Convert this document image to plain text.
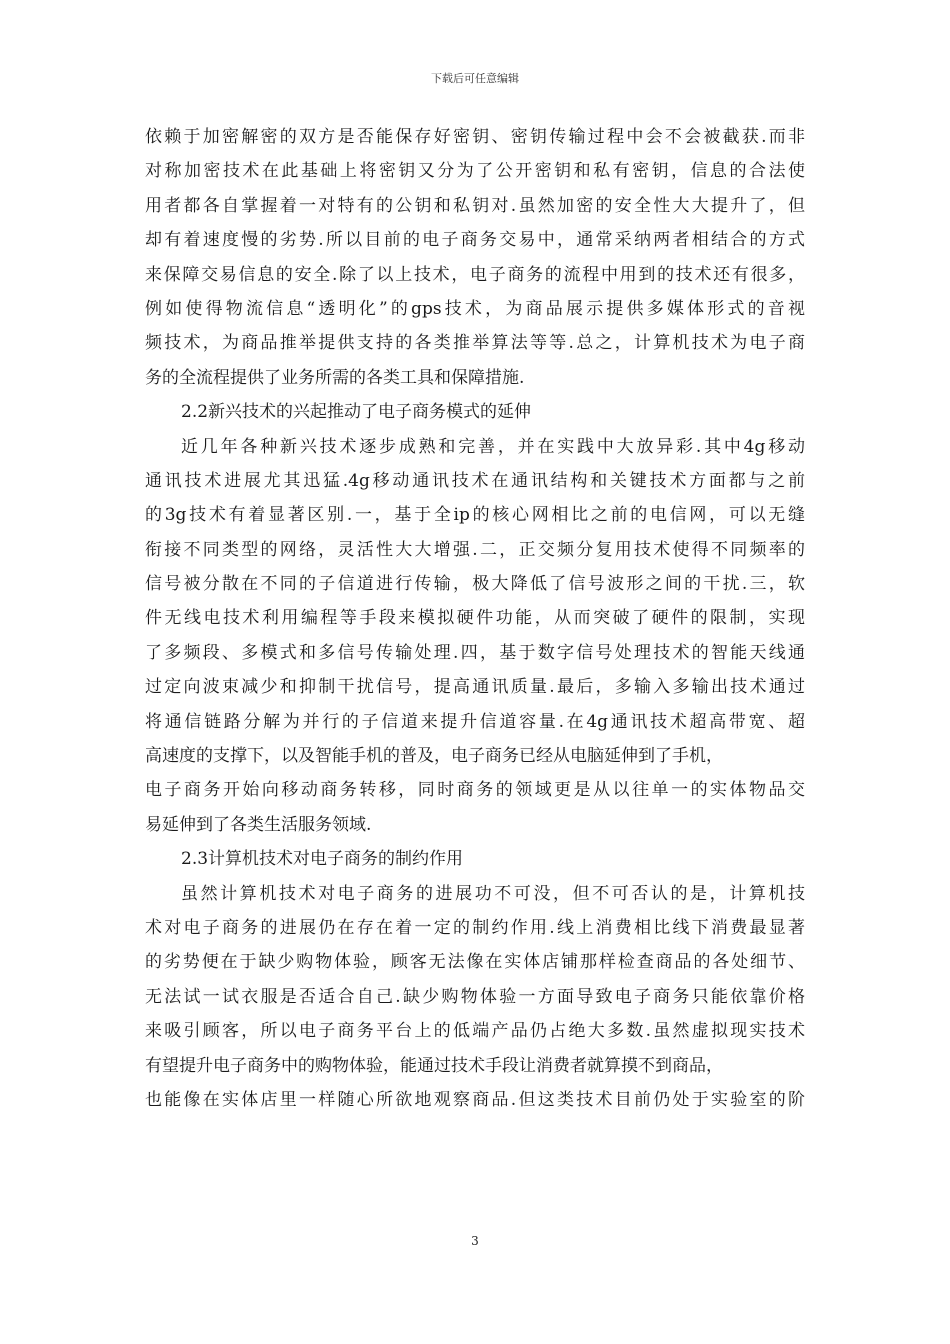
下载后可任意编辑
依赖于加密解密的双方是否能保存好密钥、密钥传输过程中会不会被截获.而非
对称加密技术在此基础上将密钥又分为了公开密钥和私有密钥，信息的合法使
用者都各自掌握着一对特有的公钥和私钥对.虽然加密的安全性大大提升了，但
却有着速度慢的劣势.所以目前的电子商务交易中，通常采纳两者相结合的方式
来保障交易信息的安全.除了以上技术，电子商务的流程中用到的技术还有很多，
例如使得物流信息“透明化”的gps技术，为商品展示提供多媒体形式的音视
频技术，为商品推举提供支持的各类推举算法等等.总之，计算机技术为电子商
务的全流程提供了业务所需的各类工具和保障措施.
2.2新兴技术的兴起推动了电子商务模式的延伸
近几年各种新兴技术逐步成熟和完善，并在实践中大放异彩.其中4g移动
通讯技术进展尤其迅猛.4g移动通讯技术在通讯结构和关键技术方面都与之前
的3g技术有着显著区别.一，基于全ip的核心网相比之前的电信网，可以无缝
衔接不同类型的网络，灵活性大大增强.二，正交频分复用技术使得不同频率的
信号被分散在不同的子信道进行传输，极大降低了信号波形之间的干扰.三，软
件无线电技术利用编程等手段来模拟硬件功能，从而突破了硬件的限制，实现
了多频段、多模式和多信号传输处理.四，基于数字信号处理技术的智能天线通
过定向波束减少和抑制干扰信号，提高通讯质量.最后，多输入多输出技术通过
将通信链路分解为并行的子信道来提升信道容量.在4g通讯技术超高带宽、超
高速度的支撑下，以及智能手机的普及，电子商务已经从电脑延伸到了手机，
电子商务开始向移动商务转移，同时商务的领域更是从以往单一的实体物品交
易延伸到了各类生活服务领域.
2.3计算机技术对电子商务的制约作用
虽然计算机技术对电子商务的进展功不可没，但不可否认的是，计算机技
术对电子商务的进展仍在存在着一定的制约作用.线上消费相比线下消费最显著
的劣势便在于缺少购物体验，顾客无法像在实体店铺那样检查商品的各处细节、
无法试一试衣服是否适合自己.缺少购物体验一方面导致电子商务只能依靠价格
来吸引顾客，所以电子商务平台上的低端产品仍占绝大多数.虽然虚拟现实技术
有望提升电子商务中的购物体验，能通过技术手段让消费者就算摸不到商品，
也能像在实体店里一样随心所欲地观察商品.但这类技术目前仍处于实验室的阶
3
